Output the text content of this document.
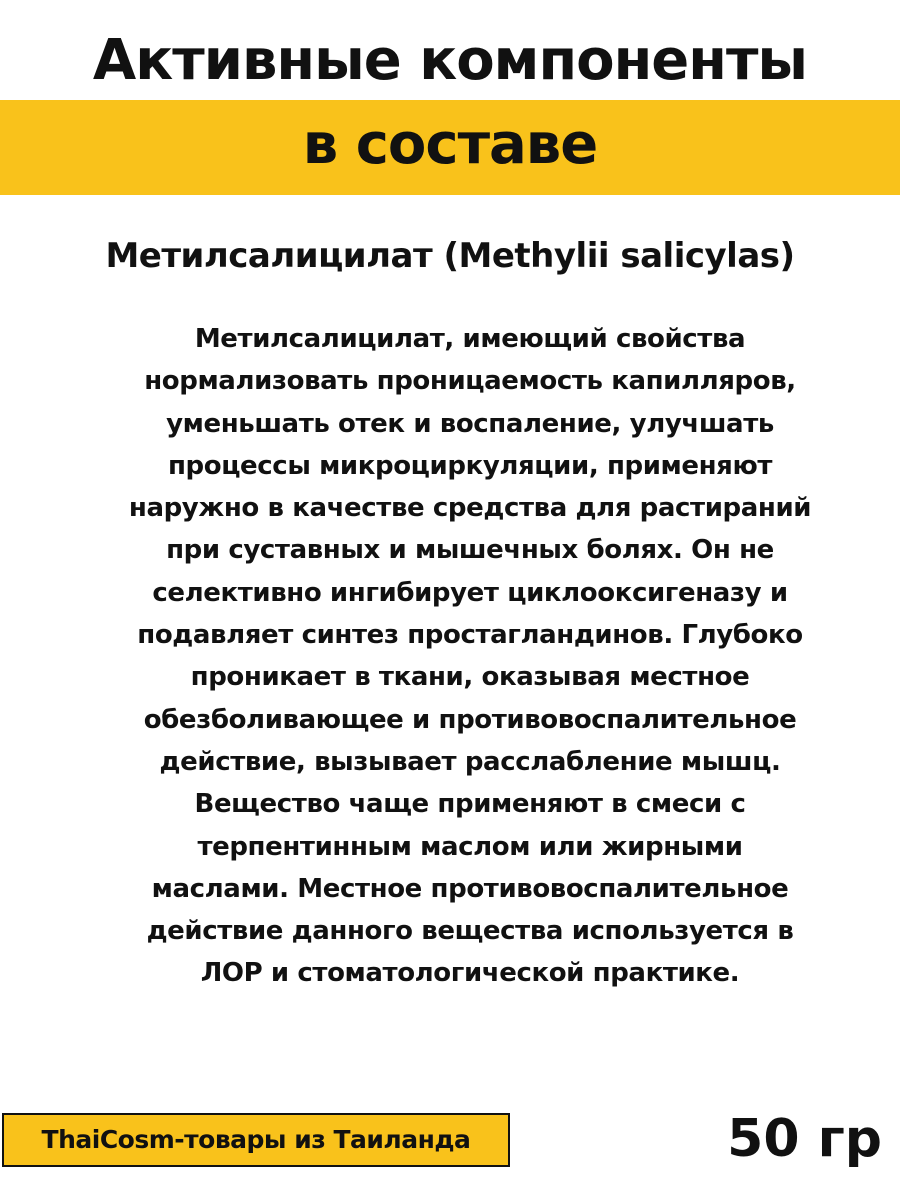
Активные компоненты
в составе
Метилсалицилат (Methylii salicylas)
Метилсалицилат, имеющий свойства
нормализовать проницаемость капилляров,
уменьшать отек и воспаление, улучшать
процессы микроциркуляции, применяют
наружно в качестве средства для растираний
при суставных и мышечных болях. Он не
селективно ингибирует циклооксигеназу и
подавляет синтез простагландинов. Глубоко
проникает в ткани, оказывая местное
обезболивающее и противовоспалительное
действие, вызывает расслабление мышц.
Вещество чаще применяют в смеси с
терпентинным маслом или жирными
маслами. Местное противовоспалительное
действие данного вещества используется в
ЛОР и стоматологической практике.
ThaiCosm-товары из Таиланда	50 гр
